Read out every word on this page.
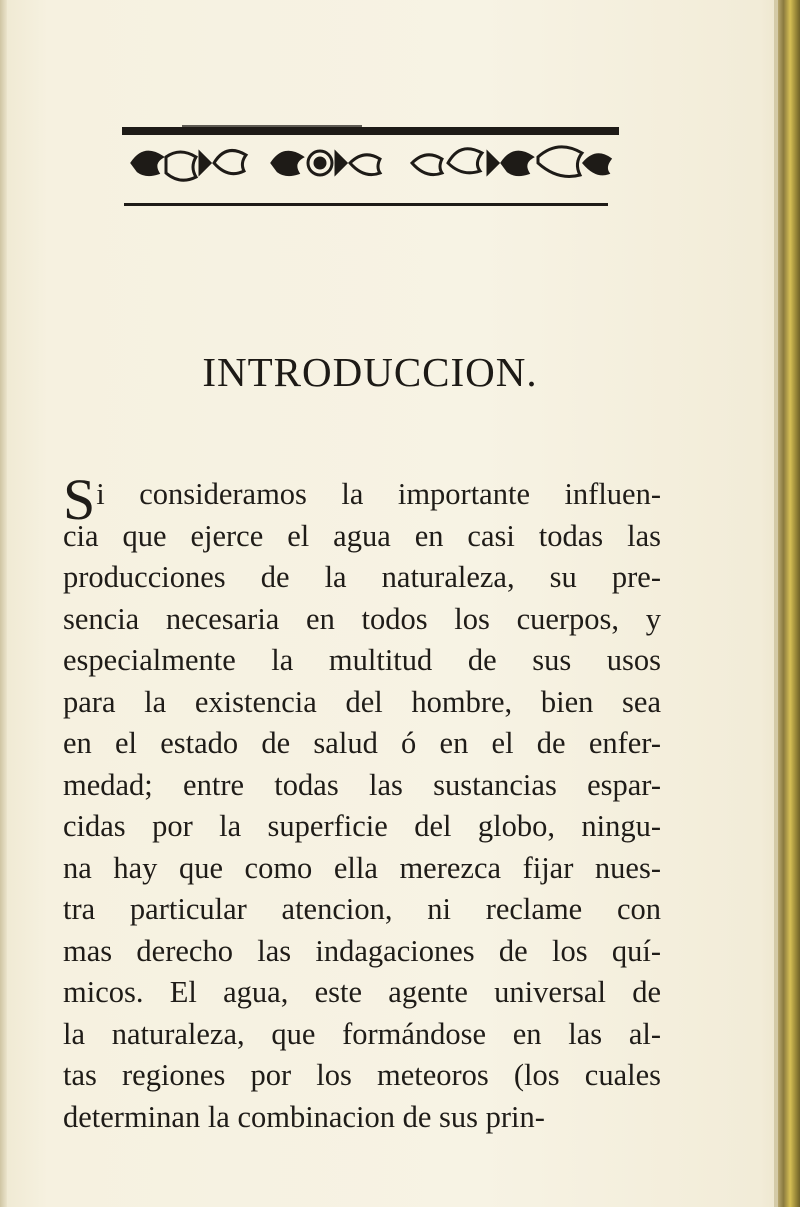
INTRODUCCION.
S i consideramos la importante influen-
cia que ejerce el agua en casi todas las
producciones de la naturaleza, su pre-
sencia necesaria en todos los cuerpos, y
especialmente la multitud de sus usos
para la existencia del hombre, bien sea
en el estado de salud ó en el de enfer-
medad; entre todas las sustancias espar-
cidas por la superficie del globo, ningu-
na hay que como ella merezca fijar nues-
tra particular atencion, ni reclame con
mas derecho las indagaciones de los quí-
micos. El agua, este agente universal de
la naturaleza, que formándose en las al-
tas regiones por los meteoros (los cuales
determinan la combinacion de sus prin-
